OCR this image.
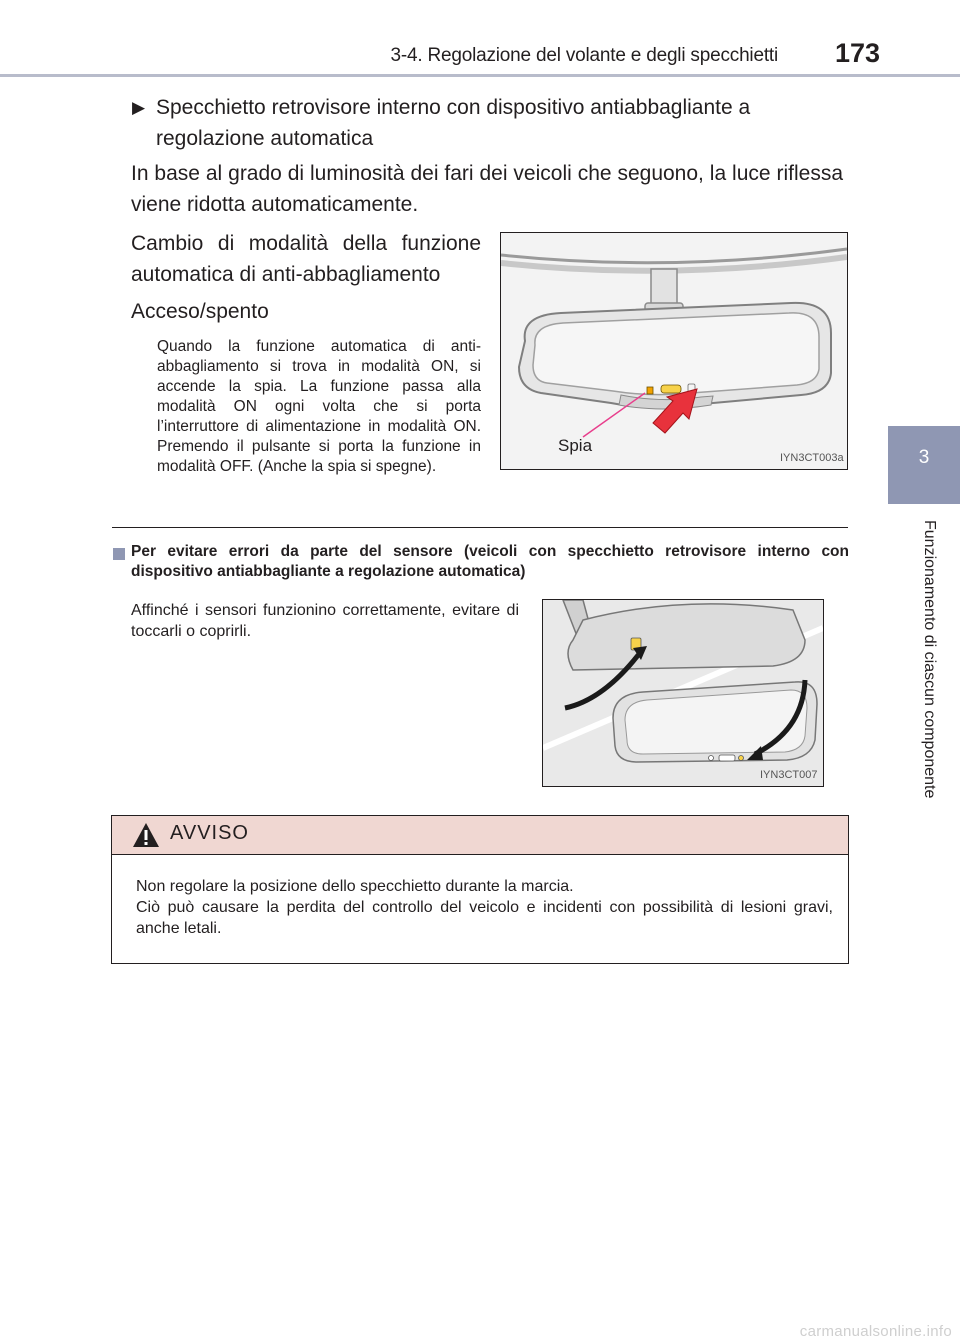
3-4. Regolazione del volante e degli specchietti 173
3
Funzionamento di ciascun componente
▶ Specchietto retrovisore interno con dispositivo antiabbagliante a regolazione automatica
In base al grado di luminosità dei fari dei veicoli che seguono, la luce riflessa viene ridotta automaticamente.
Cambio di modalità della funzione automatica di anti-abbagliamento
Acceso/spento
Quando la funzione automatica di anti-abbagliamento si trova in modalità ON, si accende la spia. La funzione passa alla modalità ON ogni volta che si porta l’interruttore di alimentazione in modalità ON. Premendo il pulsante si porta la funzione in modalità OFF. (Anche la spia si spegne).
Spia
IYN3CT003a
Per evitare errori da parte del sensore (veicoli con specchietto retrovisore interno con dispositivo antiabbagliante a regolazione automatica)
Affinché i sensori funzionino correttamente, evitare di toccarli o coprirli.
IYN3CT007
AVVISO
Non regolare la posizione dello specchietto durante la marcia.
Ciò può causare la perdita del controllo del veicolo e incidenti con possibilità di lesioni gravi, anche letali.
carmanualsonline.info
